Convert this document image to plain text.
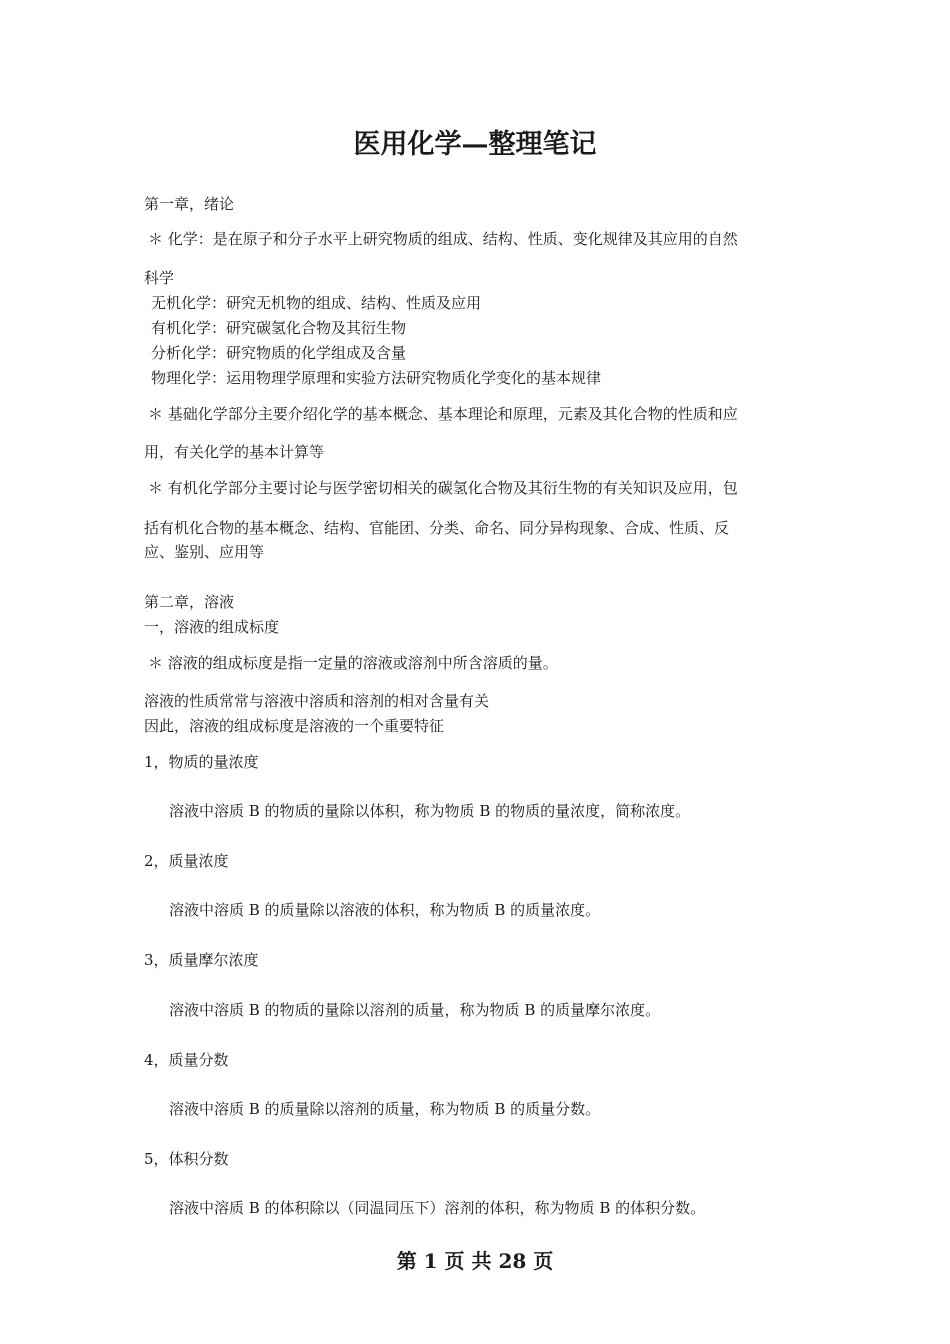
医用化学—整理笔记

第一章，绪论

＊ 化学：是在原子和分子水平上研究物质的组成、结构、性质、变化规律及其应用的自然

科学

无机化学：研究无机物的组成、结构、性质及应用

有机化学：研究碳氢化合物及其衍生物

分析化学：研究物质的化学组成及含量

物理化学：运用物理学原理和实验方法研究物质化学变化的基本规律

＊ 基础化学部分主要介绍化学的基本概念、基本理论和原理，元素及其化合物的性质和应

用，有关化学的基本计算等

＊ 有机化学部分主要讨论与医学密切相关的碳氢化合物及其衍生物的有关知识及应用，包

括有机化合物的基本概念、结构、官能团、分类、命名、同分异构现象、合成、性质、反

应、鉴别、应用等

第二章，溶液

一，溶液的组成标度

＊ 溶液的组成标度是指一定量的溶液或溶剂中所含溶质的量。

溶液的性质常常与溶液中溶质和溶剂的相对含量有关

因此，溶液的组成标度是溶液的一个重要特征

1，物质的量浓度

溶液中溶质 B 的物质的量除以体积，称为物质 B 的物质的量浓度，简称浓度。

2，质量浓度

溶液中溶质 B 的质量除以溶液的体积，称为物质 B 的质量浓度。

3，质量摩尔浓度

溶液中溶质 B 的物质的量除以溶剂的质量，称为物质 B 的质量摩尔浓度。

4，质量分数

溶液中溶质 B 的质量除以溶剂的质量，称为物质 B 的质量分数。

5，体积分数

溶液中溶质 B 的体积除以（同温同压下）溶剂的体积，称为物质 B 的体积分数。

第 1 页 共 28 页
